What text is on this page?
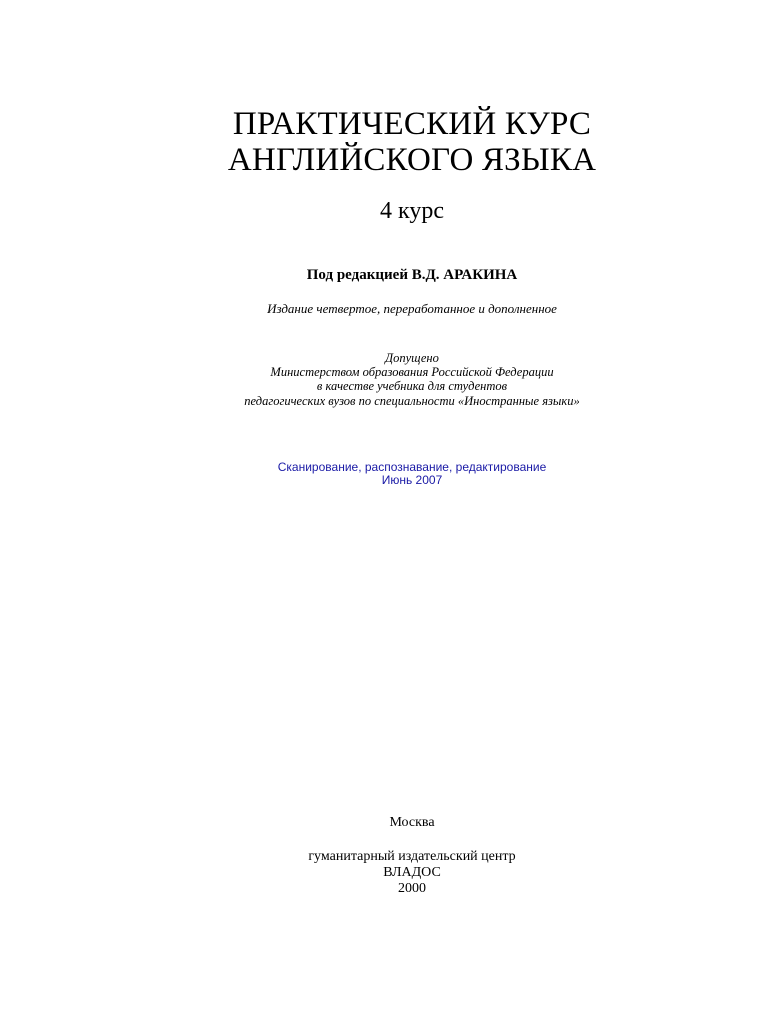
ПРАКТИЧЕСКИЙ КУРС
АНГЛИЙСКОГО ЯЗЫКА
4 курс
Под редакцией В.Д. АРАКИНА
Издание четвертое, переработанное и дополненное
Допущено
Министерством образования Российской Федерации
в качестве учебника для студентов
педагогических вузов по специальности «Иностранные языки»
Сканирование, распознавание, редактирование
Июнь 2007
Москва
гуманитарный издательский центр
ВЛАДОС
2000
